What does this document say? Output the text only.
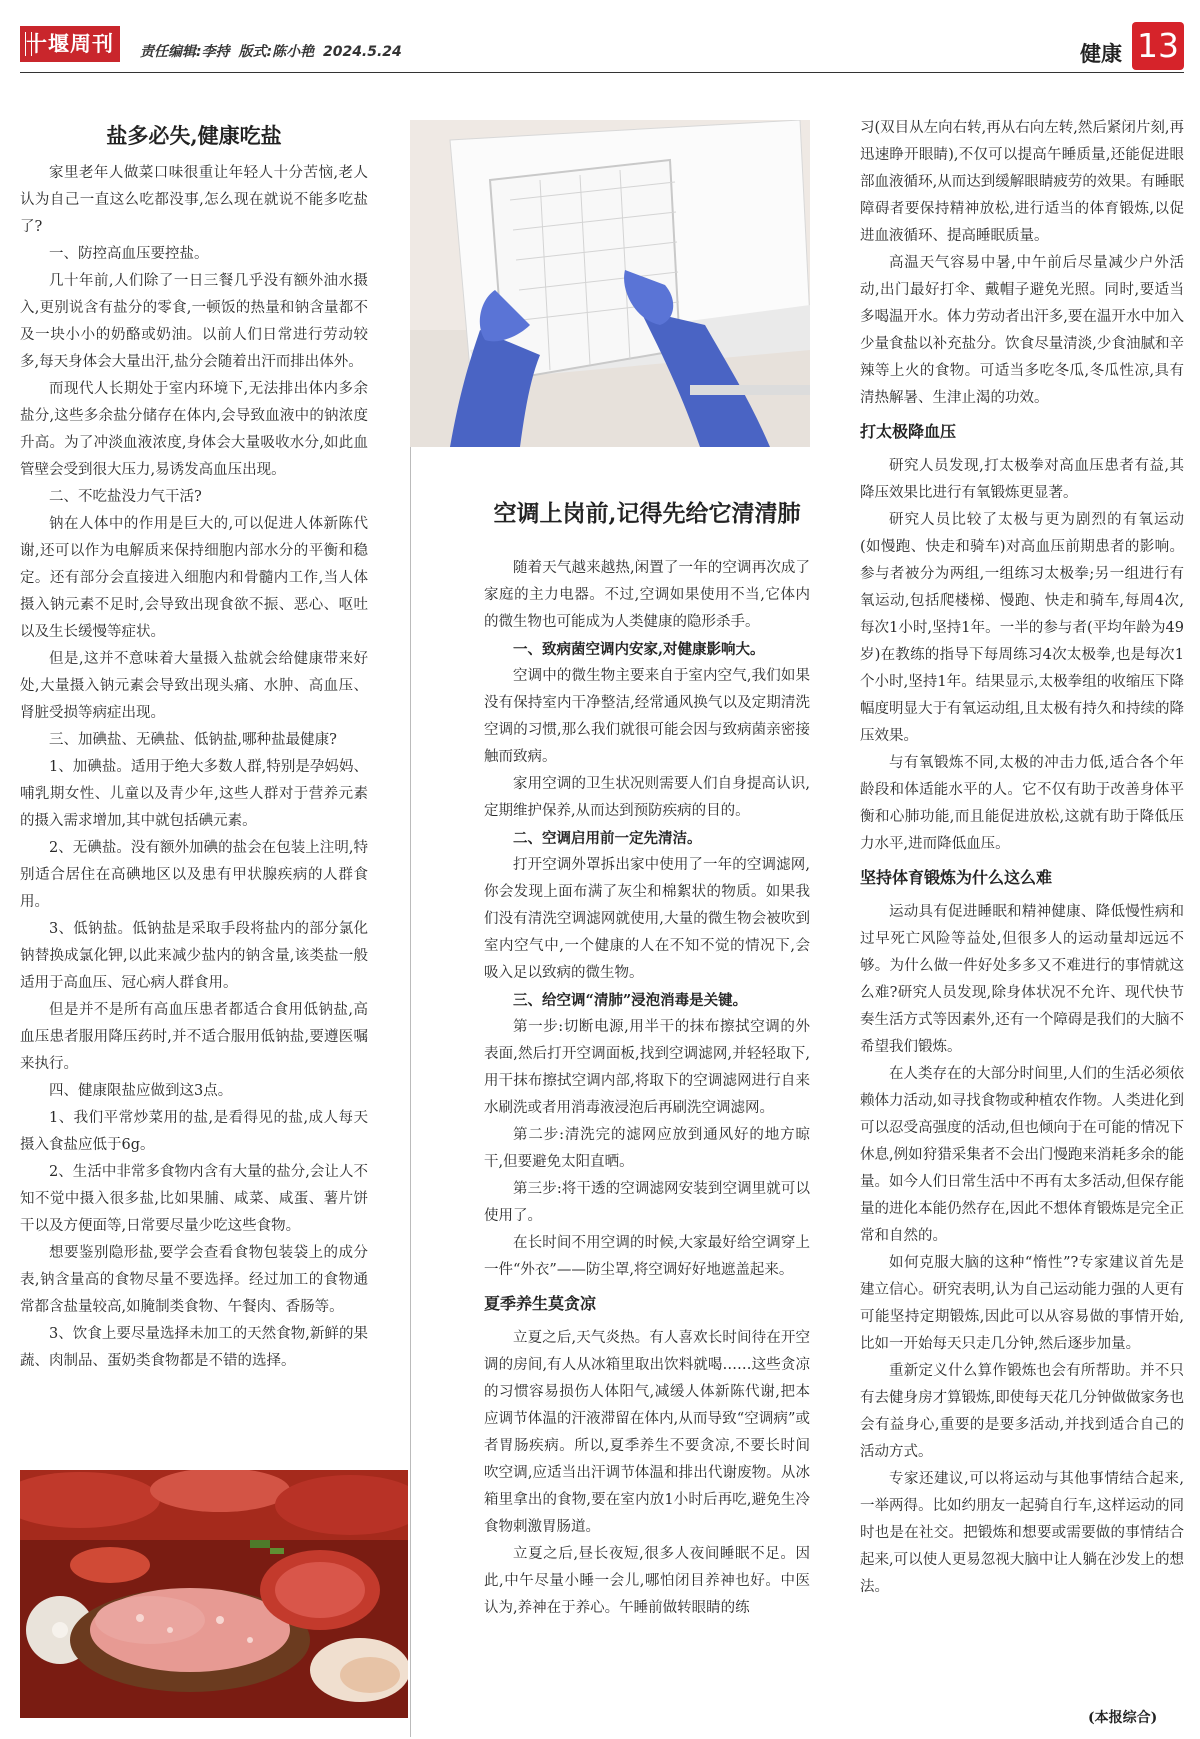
十堰周刊	责任编辑:李持 版式:陈小艳 2024.5.24	健康 13
盐多必失,健康吃盐

家里老年人做菜口味很重让年轻人十分苦恼,老人认为自己一直这么吃都没事,怎么现在就说不能多吃盐了?

一、防控高血压要控盐。

几十年前,人们除了一日三餐几乎没有额外油水摄入,更别说含有盐分的零食,一顿饭的热量和钠含量都不及一块小小的奶酪或奶油。以前人们日常进行劳动较多,每天身体会大量出汗,盐分会随着出汗而排出体外。

而现代人长期处于室内环境下,无法排出体内多余盐分,这些多余盐分储存在体内,会导致血液中的钠浓度升高。为了冲淡血液浓度,身体会大量吸收水分,如此血管壁会受到很大压力,易诱发高血压出现。

二、不吃盐没力气干活?

钠在人体中的作用是巨大的,可以促进人体新陈代谢,还可以作为电解质来保持细胞内部水分的平衡和稳定。还有部分会直接进入细胞内和骨髓内工作,当人体摄入钠元素不足时,会导致出现食欲不振、恶心、呕吐以及生长缓慢等症状。

但是,这并不意味着大量摄入盐就会给健康带来好处,大量摄入钠元素会导致出现头痛、水肿、高血压、肾脏受损等病症出现。

三、加碘盐、无碘盐、低钠盐,哪种盐最健康?

1、加碘盐。适用于绝大多数人群,特别是孕妈妈、哺乳期女性、儿童以及青少年,这些人群对于营养元素的摄入需求增加,其中就包括碘元素。

2、无碘盐。没有额外加碘的盐会在包装上注明,特别适合居住在高碘地区以及患有甲状腺疾病的人群食用。

3、低钠盐。低钠盐是采取手段将盐内的部分氯化钠替换成氯化钾,以此来减少盐内的钠含量,该类盐一般适用于高血压、冠心病人群食用。

但是并不是所有高血压患者都适合食用低钠盐,高血压患者服用降压药时,并不适合服用低钠盐,要遵医嘱来执行。

四、健康限盐应做到这3点。

1、我们平常炒菜用的盐,是看得见的盐,成人每天摄入食盐应低于6g。

2、生活中非常多食物内含有大量的盐分,会让人不知不觉中摄入很多盐,比如果脯、咸菜、咸蛋、薯片饼干以及方便面等,日常要尽量少吃这些食物。

想要鉴别隐形盐,要学会查看食物包装袋上的成分表,钠含量高的食物尽量不要选择。经过加工的食物通常都含盐量较高,如腌制类食物、午餐肉、香肠等。

3、饮食上要尽量选择未加工的天然食物,新鲜的果蔬、肉制品、蛋奶类食物都是不错的选择。

空调上岗前,记得先给它清清肺

随着天气越来越热,闲置了一年的空调再次成了家庭的主力电器。不过,空调如果使用不当,它体内的微生物也可能成为人类健康的隐形杀手。

一、致病菌空调内安家,对健康影响大。

空调中的微生物主要来自于室内空气,我们如果没有保持室内干净整洁,经常通风换气以及定期清洗空调的习惯,那么我们就很可能会因与致病菌亲密接触而致病。

家用空调的卫生状况则需要人们自身提高认识,定期维护保养,从而达到预防疾病的目的。

二、空调启用前一定先清洁。

打开空调外罩拆出家中使用了一年的空调滤网,你会发现上面布满了灰尘和棉絮状的物质。如果我们没有清洗空调滤网就使用,大量的微生物会被吹到室内空气中,一个健康的人在不知不觉的情况下,会吸入足以致病的微生物。

三、给空调“清肺”浸泡消毒是关键。

第一步:切断电源,用半干的抹布擦拭空调的外表面,然后打开空调面板,找到空调滤网,并轻轻取下,用干抹布擦拭空调内部,将取下的空调滤网进行自来水刷洗或者用消毒液浸泡后再刷洗空调滤网。

第二步:清洗完的滤网应放到通风好的地方晾干,但要避免太阳直晒。

第三步:将干透的空调滤网安装到空调里就可以使用了。

在长时间不用空调的时候,大家最好给空调穿上一件“外衣”——防尘罩,将空调好好地遮盖起来。

夏季养生莫贪凉

立夏之后,天气炎热。有人喜欢长时间待在开空调的房间,有人从冰箱里取出饮料就喝……这些贪凉的习惯容易损伤人体阳气,减缓人体新陈代谢,把本应调节体温的汗液滞留在体内,从而导致“空调病”或者胃肠疾病。所以,夏季养生不要贪凉,不要长时间吹空调,应适当出汗调节体温和排出代谢废物。从冰箱里拿出的食物,要在室内放1小时后再吃,避免生冷食物刺激胃肠道。

立夏之后,昼长夜短,很多人夜间睡眠不足。因此,中午尽量小睡一会儿,哪怕闭目养神也好。中医认为,养神在于养心。午睡前做转眼睛的练

习(双目从左向右转,再从右向左转,然后紧闭片刻,再迅速睁开眼睛),不仅可以提高午睡质量,还能促进眼部血液循环,从而达到缓解眼睛疲劳的效果。有睡眠障碍者要保持精神放松,进行适当的体育锻炼,以促进血液循环、提高睡眠质量。

高温天气容易中暑,中午前后尽量减少户外活动,出门最好打伞、戴帽子避免光照。同时,要适当多喝温开水。体力劳动者出汗多,要在温开水中加入少量食盐以补充盐分。饮食尽量清淡,少食油腻和辛辣等上火的食物。可适当多吃冬瓜,冬瓜性凉,具有清热解暑、生津止渴的功效。

打太极降血压

研究人员发现,打太极拳对高血压患者有益,其降压效果比进行有氧锻炼更显著。

研究人员比较了太极与更为剧烈的有氧运动(如慢跑、快走和骑车)对高血压前期患者的影响。参与者被分为两组,一组练习太极拳;另一组进行有氧运动,包括爬楼梯、慢跑、快走和骑车,每周4次,每次1小时,坚持1年。一半的参与者(平均年龄为49岁)在教练的指导下每周练习4次太极拳,也是每次1个小时,坚持1年。结果显示,太极拳组的收缩压下降幅度明显大于有氧运动组,且太极有持久和持续的降压效果。

与有氧锻炼不同,太极的冲击力低,适合各个年龄段和体适能水平的人。它不仅有助于改善身体平衡和心肺功能,而且能促进放松,这就有助于降低压力水平,进而降低血压。

坚持体育锻炼为什么这么难

运动具有促进睡眠和精神健康、降低慢性病和过早死亡风险等益处,但很多人的运动量却远远不够。为什么做一件好处多多又不难进行的事情就这么难?研究人员发现,除身体状况不允许、现代快节奏生活方式等因素外,还有一个障碍是我们的大脑不希望我们锻炼。

在人类存在的大部分时间里,人们的生活必须依赖体力活动,如寻找食物或种植农作物。人类进化到可以忍受高强度的活动,但也倾向于在可能的情况下休息,例如狩猎采集者不会出门慢跑来消耗多余的能量。如今人们日常生活中不再有太多活动,但保存能量的进化本能仍然存在,因此不想体育锻炼是完全正常和自然的。

如何克服大脑的这种“惰性”?专家建议首先是建立信心。研究表明,认为自己运动能力强的人更有可能坚持定期锻炼,因此可以从容易做的事情开始,比如一开始每天只走几分钟,然后逐步加量。

重新定义什么算作锻炼也会有所帮助。并不只有去健身房才算锻炼,即使每天花几分钟做做家务也会有益身心,重要的是要多活动,并找到适合自己的活动方式。

专家还建议,可以将运动与其他事情结合起来,一举两得。比如约朋友一起骑自行车,这样运动的同时也是在社交。把锻炼和想要或需要做的事情结合起来,可以使人更易忽视大脑中让人躺在沙发上的想法。

(本报综合)
